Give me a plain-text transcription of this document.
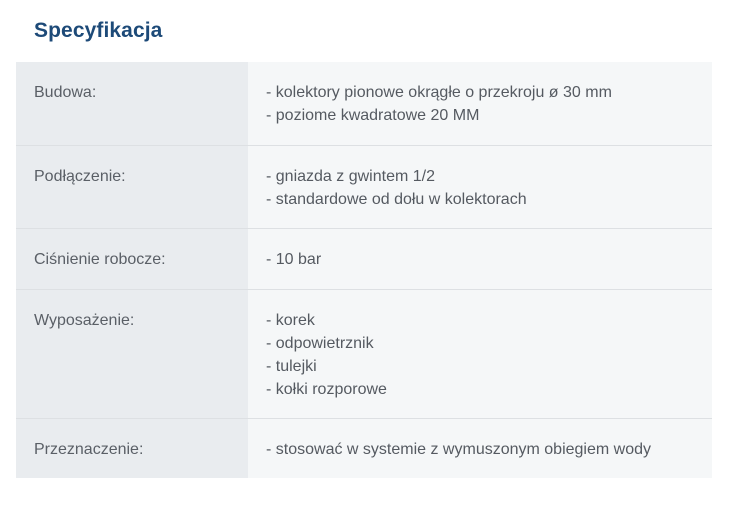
Specyfikacja
Budowa:	- kolektory pionowe okrągłe o przekroju ø 30 mm
- poziome kwadratowe 20 MM

Podłączenie:	- gniazda z gwintem 1/2
- standardowe od dołu w kolektorach

Ciśnienie robocze:	- 10 bar

Wyposażenie:	- korek
- odpowietrznik
- tulejki
- kołki rozporowe

Przeznaczenie:	- stosować w systemie z wymuszonym obiegiem wody
